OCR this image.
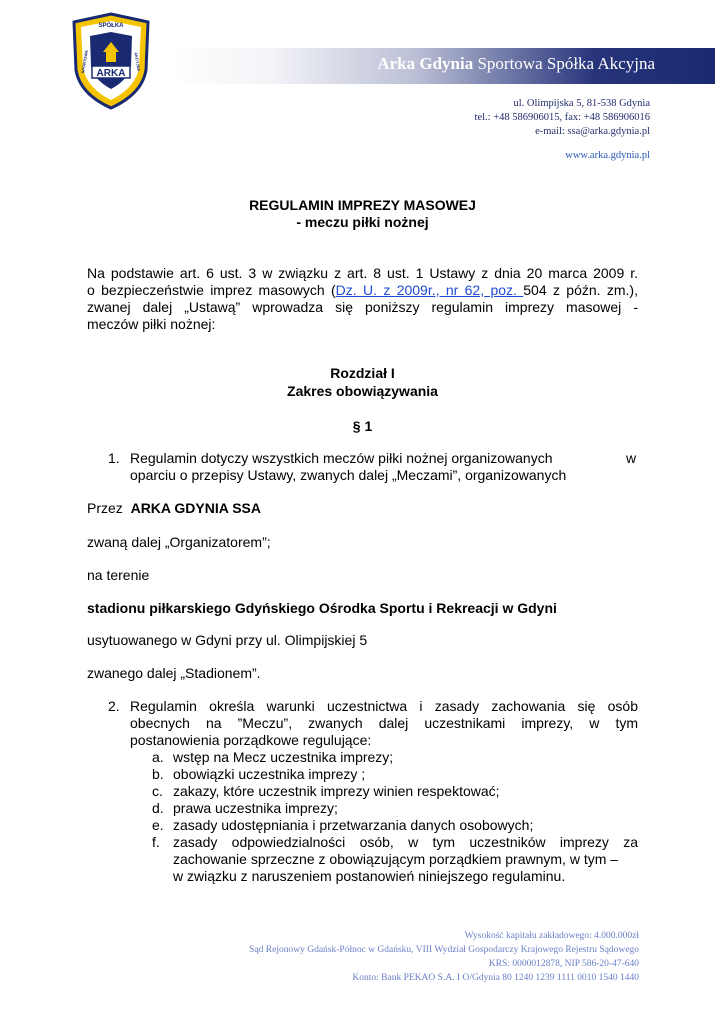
SPÓŁKA
SPORTOWA	AKCYJNA
ARKA
Arka Gdynia Sportowa Spółka Akcyjna
ul. Olimpijska 5, 81-538 Gdynia
tel.: +48 586906015, fax: +48 586906016
e-mail: ssa@arka.gdynia.pl
www.arka.gdynia.pl
REGULAMIN IMPREZY MASOWEJ
- meczu piłki nożnej
Na podstawie art. 6 ust. 3 w związku z art. 8 ust. 1 Ustawy z dnia 20 marca 2009 r.
o bezpieczeństwie imprez masowych (Dz. U. z 2009r., nr 62, poz. 504 z późn. zm.),
zwanej dalej „Ustawą” wprowadza się poniższy regulamin imprezy masowej -
meczów piłki nożnej:
Rozdział I
Zakres obowiązywania
§ 1
1. Regulamin dotyczy wszystkich meczów piłki nożnej organizowanych	w
oparciu o przepisy Ustawy, zwanych dalej „Meczami”, organizowanych
Przez ARKA GDYNIA SSA
zwaną dalej „Organizatorem”;
na terenie
stadionu piłkarskiego Gdyńskiego Ośrodka Sportu i Rekreacji w Gdyni
usytuowanego w Gdyni przy ul. Olimpijskiej 5
zwanego dalej „Stadionem”.
2. Regulamin określa warunki uczestnictwa i zasady zachowania się osób
obecnych na ”Meczu”, zwanych dalej uczestnikami imprezy, w tym
postanowienia porządkowe regulujące:
a. wstęp na Mecz uczestnika imprezy;
b. obowiązki uczestnika imprezy ;
c. zakazy, które uczestnik imprezy winien respektować;
d. prawa uczestnika imprezy;
e. zasady udostępniania i przetwarzania danych osobowych;
f. zasady odpowiedzialności osób, w tym uczestników imprezy za
zachowanie sprzeczne z obowiązującym porządkiem prawnym, w tym –
w związku z naruszeniem postanowień niniejszego regulaminu.
Wysokość kapitału zakładowego: 4.000.000zł
Sąd Rejonowy Gdańsk-Północ w Gdańsku, VIII Wydział Gospodarczy Krajowego Rejestru Sądowego
KRS: 0000012878, NIP 586-20-47-640
Konto: Bank PEKAO S.A. I O/Gdynia 80 1240 1239 1111 0010 1540 1440
